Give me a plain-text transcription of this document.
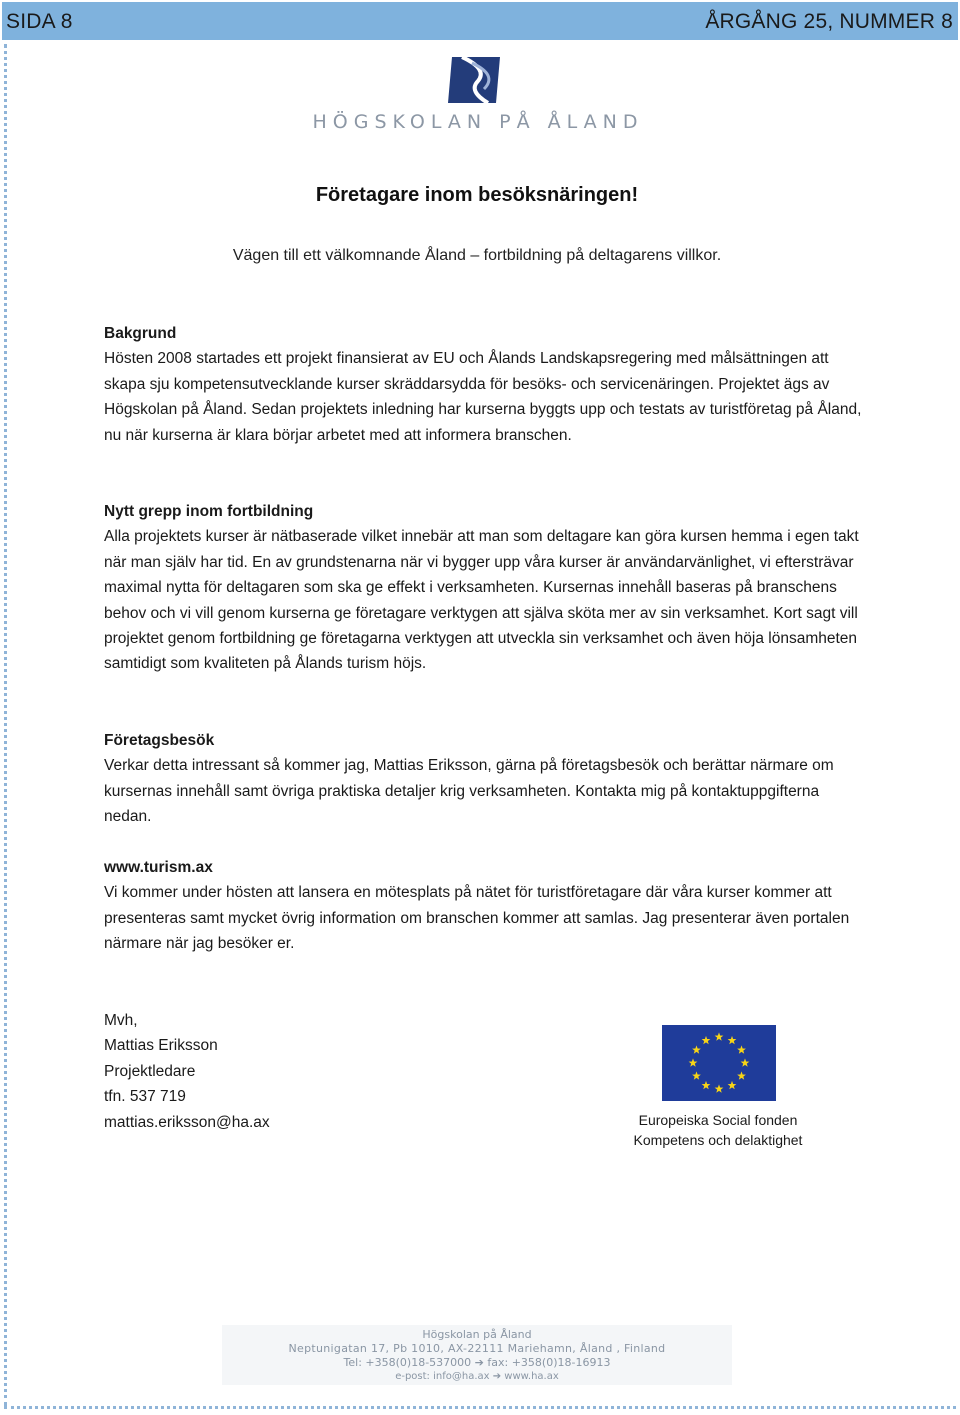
SIDA 8	ÅRGÅNG 25, NUMMER 8
HÖGSKOLAN PÅ ÅLAND
Företagare inom besöksnäringen!
Vägen till ett välkomnande Åland – fortbildning på deltagarens villkor.
Bakgrund

Hösten 2008 startades ett projekt finansierat av EU och Ålands Landskapsregering med målsättningen att skapa sju kompetensutvecklande kurser skräddarsydda för besöks- och servicenäringen. Projektet ägs av Högskolan på Åland. Sedan projektets inledning har kurserna byggts upp och testats av turistföretag på Åland, nu när kurserna är klara börjar arbetet med att informera branschen.

Nytt grepp inom fortbildning

Alla projektets kurser är nätbaserade vilket innebär att man som deltagare kan göra kursen hemma i egen takt när man själv har tid. En av grundstenarna när vi bygger upp våra kurser är användarvänlighet, vi eftersträvar maximal nytta för deltagaren som ska ge effekt i verksamheten. Kursernas innehåll baseras på branschens behov och vi vill genom kurserna ge företagare verktygen att själva sköta mer av sin verksamhet. Kort sagt vill projektet genom fortbildning ge företagarna verktygen att utveckla sin verksamhet och även höja lönsamheten samtidigt som kvaliteten på Ålands turism höjs.

Företagsbesök

Verkar detta intressant så kommer jag, Mattias Eriksson, gärna på företagsbesök och berättar närmare om kursernas innehåll samt övriga praktiska detaljer krig verksamheten. Kontakta mig på kontaktuppgifterna nedan.

www.turism.ax

Vi kommer under hösten att lansera en mötesplats på nätet för turistföretagare där våra kurser kommer att presenteras samt mycket övrig information om branschen kommer att samlas. Jag presenterar även portalen närmare när jag besöker er.

Mvh,
Mattias Eriksson
Projektledare
tfn. 537 719
mattias.eriksson@ha.ax	Europeiska Social fonden
Kompetens och delaktighet
Högskolan på Åland
Neptunigatan 17, Pb 1010, AX-22111 Mariehamn, Åland , Finland
Tel: +358(0)18-537000 ➔ fax: +358(0)18-16913
e-post: info@ha.ax ➔ www.ha.ax
